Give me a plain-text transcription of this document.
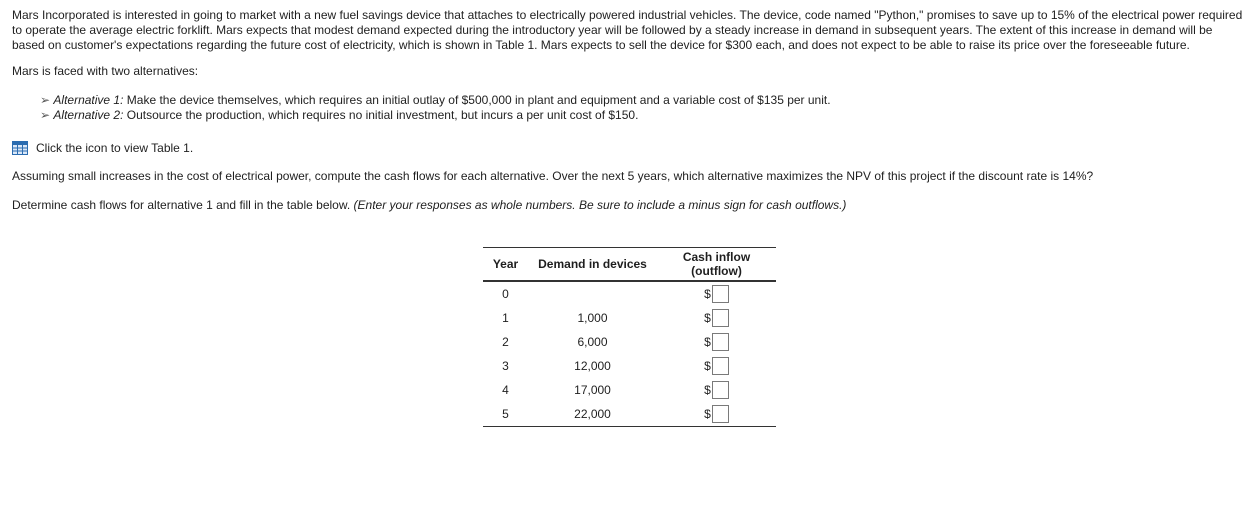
Mars Incorporated is interested in going to market with a new fuel savings device that attaches to electrically powered industrial vehicles. The device, code named "Python," promises to save up to 15% of the electrical power required to operate the average electric forklift. Mars expects that modest demand expected during the introductory year will be followed by a steady increase in demand in subsequent years. The extent of this increase in demand will be based on customer's expectations regarding the future cost of electricity, which is shown in Table 1. Mars expects to sell the device for $300 each, and does not expect to be able to raise its price over the foreseeable future.

Mars is faced with two alternatives:

➢ Alternative 1: Make the device themselves, which requires an initial outlay of $500,000 in plant and equipment and a variable cost of $135 per unit.
➢ Alternative 2: Outsource the production, which requires no initial investment, but incurs a per unit cost of $150.
Click the icon to view Table 1.

Assuming small increases in the cost of electrical power, compute the cash flows for each alternative. Over the next 5 years, which alternative maximizes the NPV of this project if the discount rate is 14%?

Determine cash flows for alternative 1 and fill in the table below. (Enter your responses as whole numbers. Be sure to include a minus sign for cash outflows.)

Year	Demand in devices	Cash inflow (outflow)
0		$

1	1,000	$

2	6,000	$

3	12,000	$

4	17,000	$

5	22,000	$
